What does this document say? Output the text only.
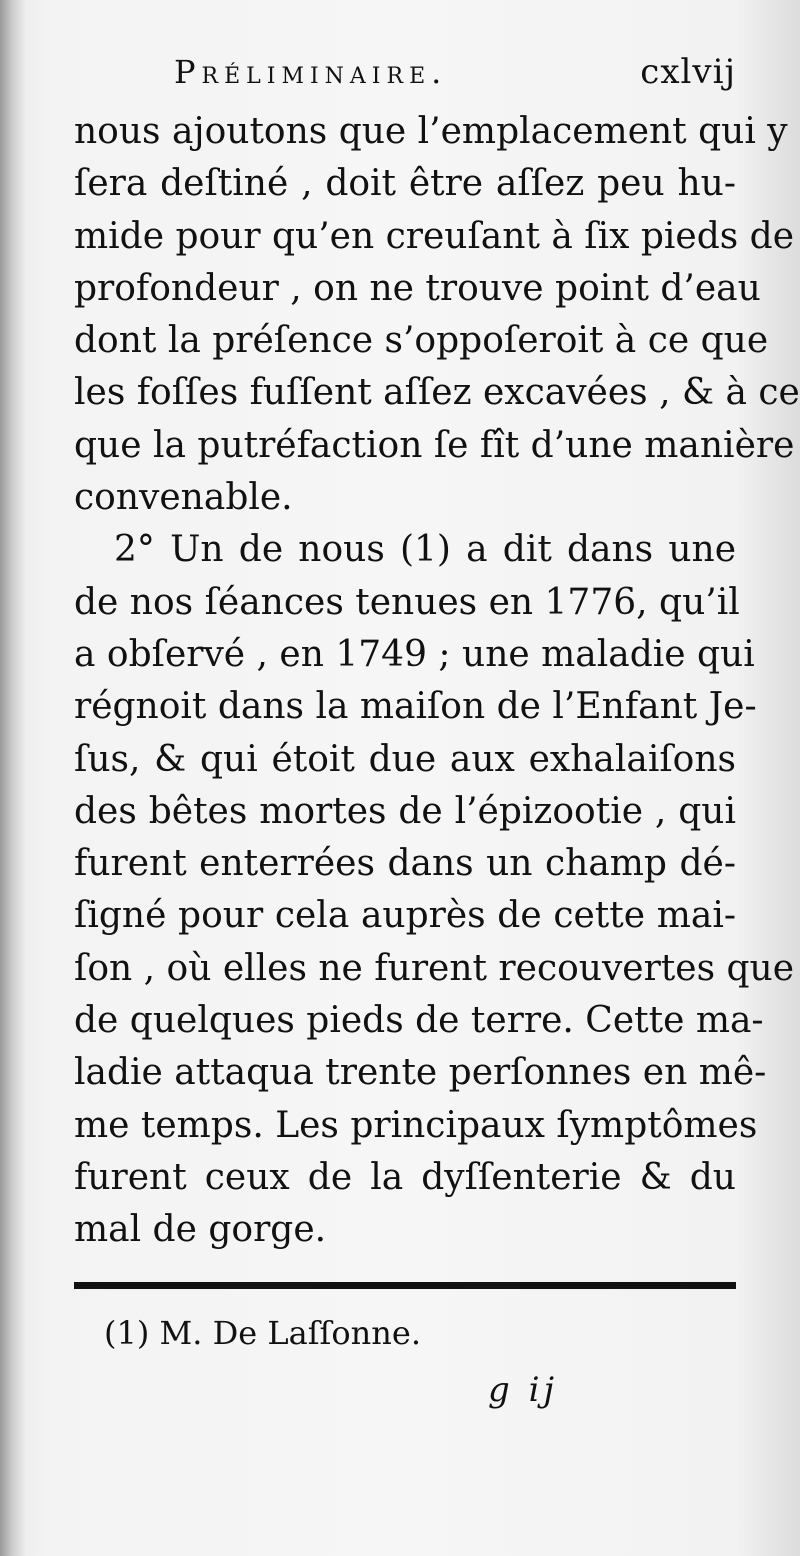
Préliminaire.	cxlvij
nous ajoutons que l’emplacement qui y
ſera deſtiné , doit être aſſez peu hu-
mide pour qu’en creuſant à ſix pieds de
profondeur , on ne trouve point d’eau
dont la préſence s’oppoſeroit à ce que
les foſſes fuſſent aſſez excavées , & à ce
que la putréfaction ſe fît d’une manière
convenable.
2° Un de nous (1) a dit dans une
de nos ſéances tenues en 1776, qu’il
a obſervé , en 1749 ; une maladie qui
régnoit dans la maiſon de l’Enfant Je-
ſus, & qui étoit due aux exhalaiſons
des bêtes mortes de l’épizootie , qui
furent enterrées dans un champ dé-
ſigné pour cela auprès de cette mai-
ſon , où elles ne furent recouvertes que
de quelques pieds de terre. Cette ma-
ladie attaqua trente perſonnes en mê-
me temps. Les principaux ſymptômes
furent ceux de la dyſſenterie & du
mal de gorge.
(1) M. De Laſſonne.
g ij
